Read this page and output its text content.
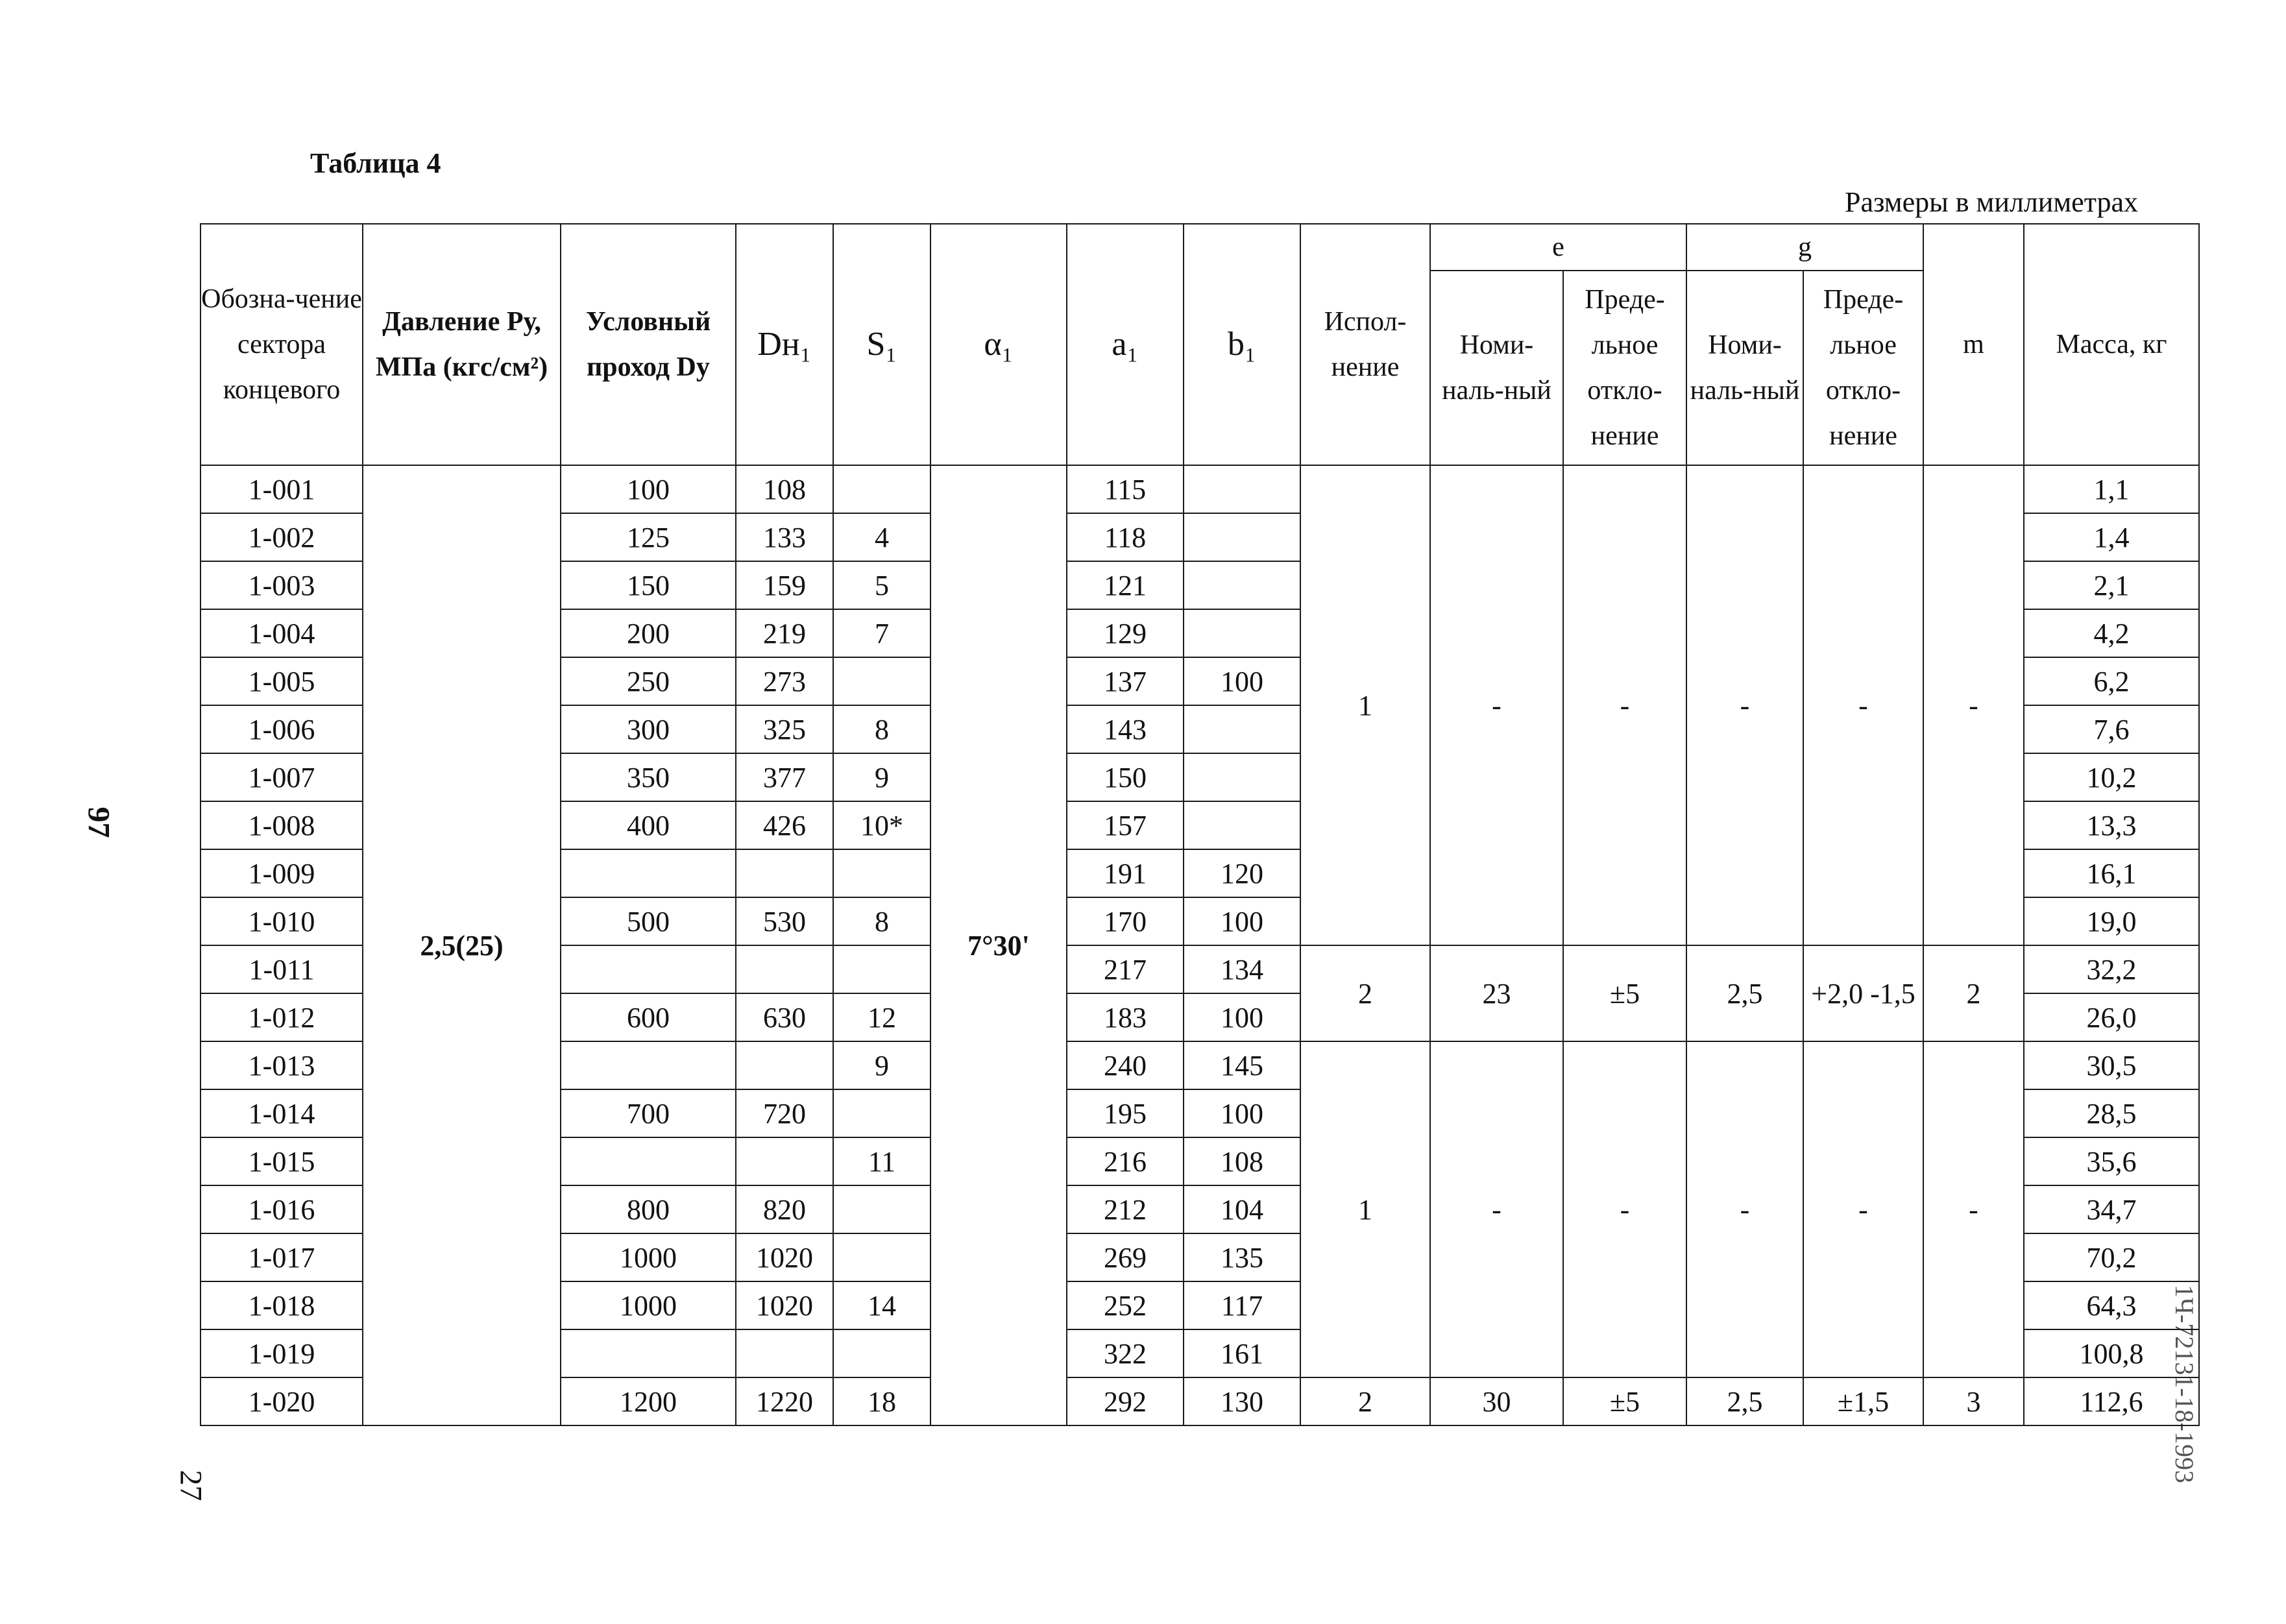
Таблица 4
Размеры в миллиметрах
97
27
1Ч-72131-18-1993
Обозна-чение сектора концевого	Давление Ру, МПа (кгс/см²)	Условный проход Dу	Dн₁	S₁	α₁	a₁	b₁	Испол-нение	e		g		m	Масса, кг
									Номи-наль-ный	Преде-льное откло-нение	Номи-наль-ный	Преде-льное откло-нение		
1-001	2,5(25)	100	108		7°30'	115		1	-	-	-	-	-	1,1
1-002		125	133	4		118								1,4
1-003		150	159	5		121								2,1
1-004		200	219	7		129								4,2
1-005		250	273			137	100							6,2
1-006		300	325	8		143								7,6
1-007		350	377	9		150								10,2
1-008		400	426	10*		157								13,3
1-009						191	120							16,1
1-010		500	530	8		170	100							19,0
1-011						217	134	2	23	±5	2,5	+2,0 -1,5	2	32,2
1-012		600	630	12		183	100							26,0
1-013				9		240	145	1	-	-	-	-	-	30,5
1-014		700	720			195	100							28,5
1-015				11		216	108							35,6
1-016		800	820			212	104							34,7
1-017		1000	1020			269	135							70,2
1-018		1000	1020	14		252	117							64,3
1-019						322	161							100,8
1-020		1200	1220	18		292	130	2	30	±5	2,5	±1,5	3	112,6
